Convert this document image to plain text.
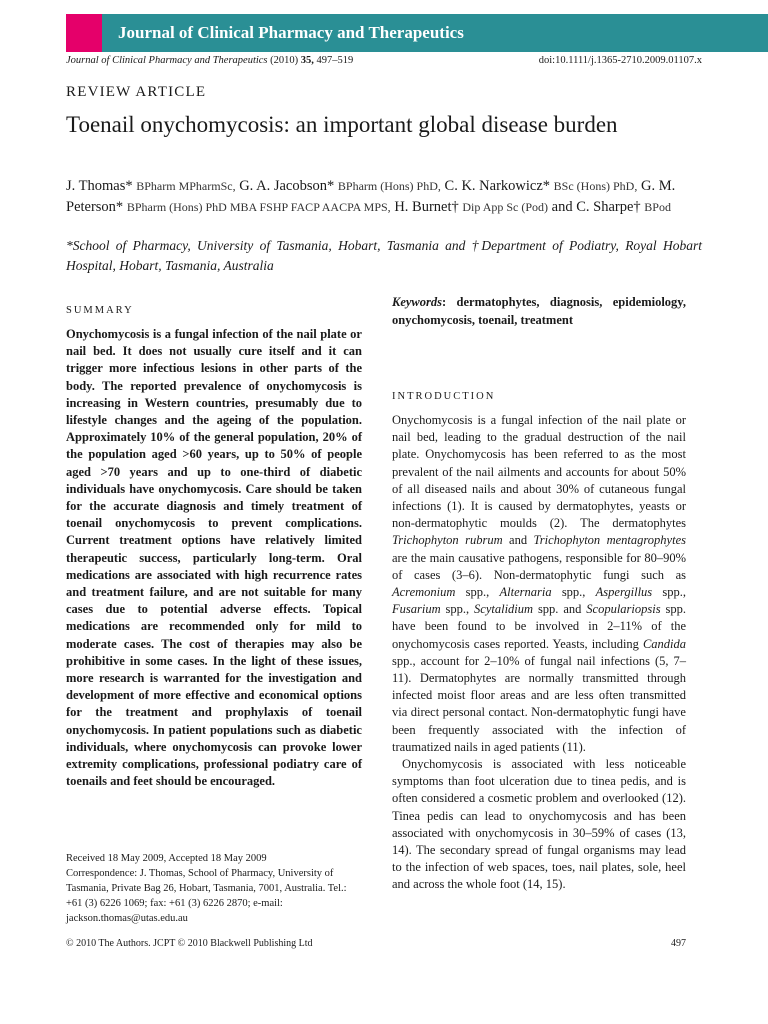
Journal of Clinical Pharmacy and Therapeutics
Journal of Clinical Pharmacy and Therapeutics (2010) 35, 497–519	doi:10.1111/j.1365-2710.2009.01107.x
REVIEW ARTICLE
Toenail onychomycosis: an important global disease burden
J. Thomas* BPharm MPharmSc, G. A. Jacobson* BPharm (Hons) PhD, C. K. Narkowicz* BSc (Hons) PhD, G. M. Peterson* BPharm (Hons) PhD MBA FSHP FACP AACPA MPS, H. Burnet† Dip App Sc (Pod) and C. Sharpe† BPod
*School of Pharmacy, University of Tasmania, Hobart, Tasmania and †Department of Podiatry, Royal Hobart Hospital, Hobart, Tasmania, Australia
SUMMARY

Onychomycosis is a fungal infection of the nail plate or nail bed. It does not usually cure itself and it can trigger more infectious lesions in other parts of the body. The reported prevalence of onychomycosis is increasing in Western countries, presumably due to lifestyle changes and the ageing of the population. Approximately 10% of the general population, 20% of the population aged >60 years, up to 50% of people aged >70 years and up to one-third of diabetic individuals have onychomycosis. Care should be taken for the accurate diagnosis and timely treatment of toenail onychomycosis to prevent complications. Current treatment options have relatively limited therapeutic success, particularly long-term. Oral medications are associated with high recurrence rates and treatment failure, and are not suitable for many cases due to potential adverse effects. Topical medications are recommended only for mild to moderate cases. The cost of therapies may also be prohibitive in some cases. In the light of these issues, more research is warranted for the investigation and development of more effective and economical options for the treatment and prophylaxis of toenail onychomycosis. In patient populations such as diabetic individuals, where onychomycosis can provoke lower extremity complications, professional podiatry care of toenails and feet should be encouraged.

Received 18 May 2009, Accepted 18 May 2009

Correspondence: J. Thomas, School of Pharmacy, University of Tasmania, Private Bag 26, Hobart, Tasmania, 7001, Australia. Tel.: +61 (3) 6226 1069; fax: +61 (3) 6226 2870; e-mail: jackson.thomas@utas.edu.au

Keywords: dermatophytes, diagnosis, epidemiology, onychomycosis, toenail, treatment

INTRODUCTION

Onychomycosis is a fungal infection of the nail plate or nail bed, leading to the gradual destruction of the nail plate. Onychomycosis has been referred to as the most prevalent of the nail ailments and accounts for about 50% of all diseased nails and about 30% of cutaneous fungal infections (1). It is caused by dermatophytes, yeasts or non-dermatophytic moulds (2). The dermatophytes Trichophyton rubrum and Trichophyton mentagrophytes are the main causative pathogens, responsible for 80–90% of cases (3–6). Non-dermatophytic fungi such as Acremonium spp., Alternaria spp., Aspergillus spp., Fusarium spp., Scytalidium spp. and Scopulariopsis spp. have been found to be involved in 2–11% of the onychomycosis cases reported. Yeasts, including Candida spp., account for 2–10% of fungal nail infections (5, 7–11). Dermatophytes are normally transmitted through infected moist floor areas and are less often transmitted via direct personal contact. Non-dermatophytic fungi have been frequently associated with the infection of traumatized nails in aged patients (11).

Onychomycosis is associated with less noticeable symptoms than foot ulceration due to tinea pedis, and is often considered a cosmetic problem and overlooked (12). Tinea pedis can lead to onychomycosis and has been associated with onychomycosis in 30–59% of cases (13, 14). The secondary spread of fungal organisms may lead to the infection of web spaces, toes, nail plates, sole, heel and across the whole foot (14, 15).

© 2010 The Authors. JCPT © 2010 Blackwell Publishing Ltd	497
